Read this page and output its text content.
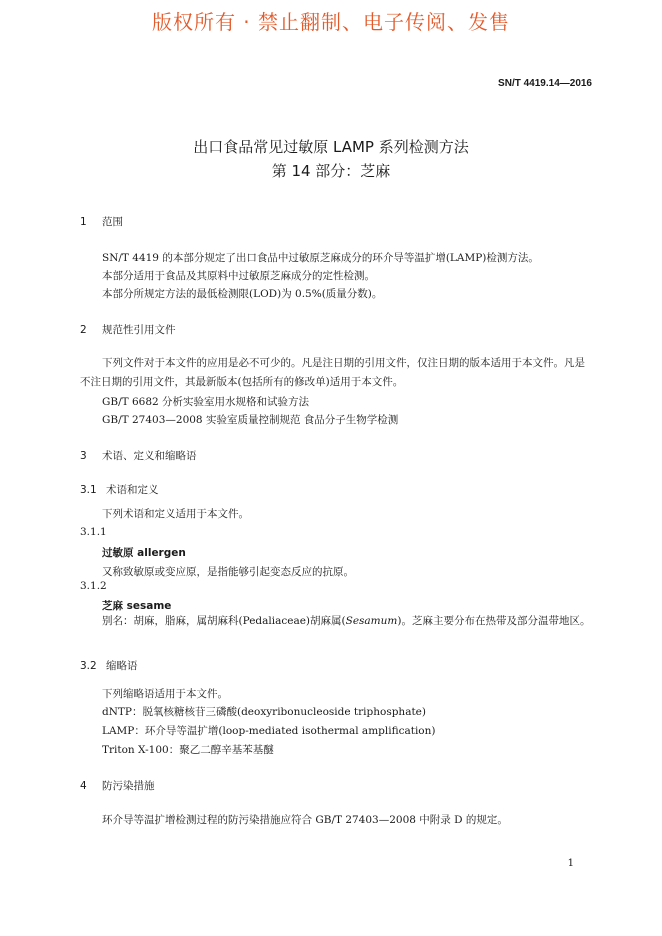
版权所有 · 禁止翻制、电子传阅、发售
SN/T 4419.14—2016
出口食品常见过敏原 LAMP 系列检测方法
第 14 部分：芝麻
1 范围
SN/T 4419 的本部分规定了出口食品中过敏原芝麻成分的环介导等温扩增(LAMP)检测方法。
本部分适用于食品及其原料中过敏原芝麻成分的定性检测。
本部分所规定方法的最低检测限(LOD)为 0.5%(质量分数)。
2 规范性引用文件
下列文件对于本文件的应用是必不可少的。凡是注日期的引用文件，仅注日期的版本适用于本文件。凡是不注日期的引用文件，其最新版本(包括所有的修改单)适用于本文件。
GB/T 6682 分析实验室用水规格和试验方法
GB/T 27403—2008 实验室质量控制规范 食品分子生物学检测
3 术语、定义和缩略语
3.1 术语和定义
下列术语和定义适用于本文件。
3.1.1
过敏原 allergen
又称致敏原或变应原，是指能够引起变态反应的抗原。
3.1.2
芝麻 sesame
别名：胡麻，脂麻，属胡麻科(Pedaliaceae)胡麻属(Sesamum)。芝麻主要分布在热带及部分温带地区。
3.2 缩略语
下列缩略语适用于本文件。
dNTP：脱氧核糖核苷三磷酸(deoxyribonucleoside triphosphate)
LAMP：环介导等温扩增(loop-mediated isothermal amplification)
Triton X-100：聚乙二醇辛基苯基醚
4 防污染措施
环介导等温扩增检测过程的防污染措施应符合 GB/T 27403—2008 中附录 D 的规定。
1
